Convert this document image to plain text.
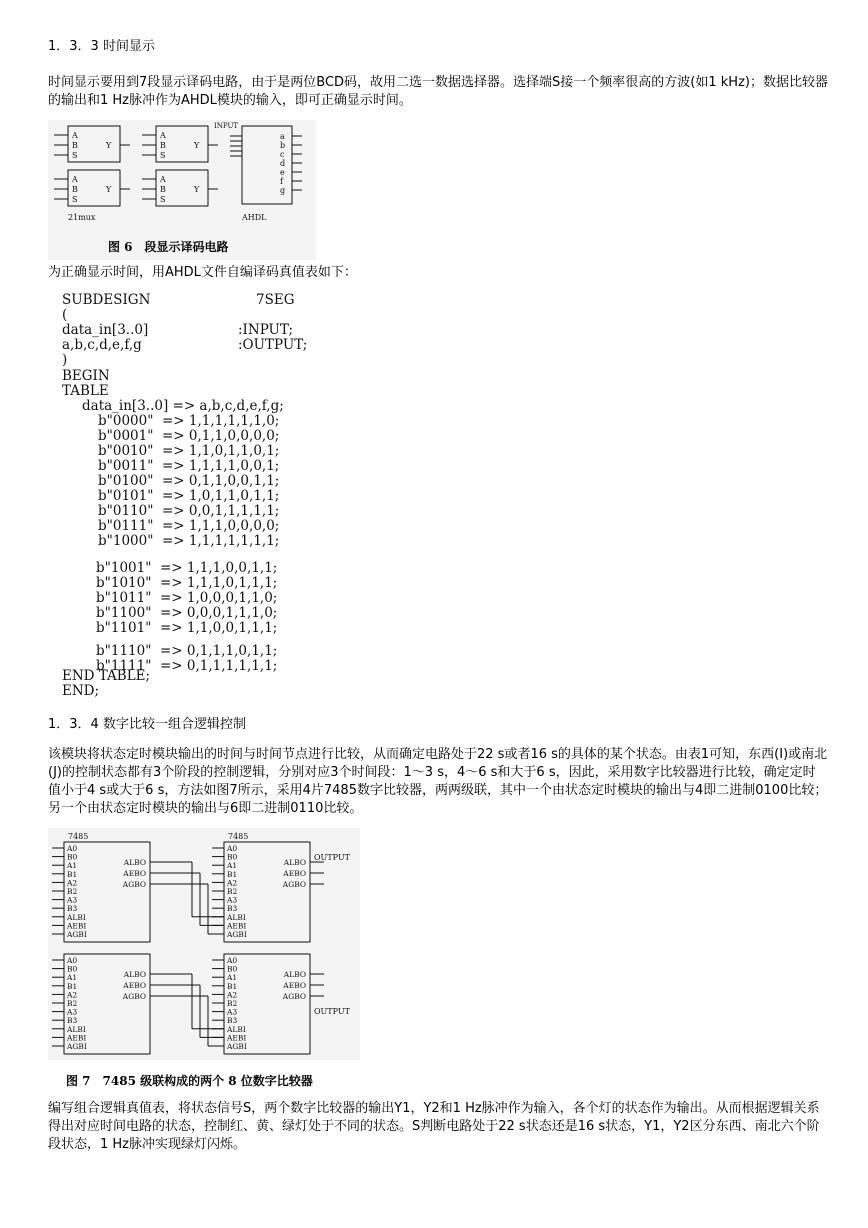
1．3．3 时间显示

时间显示要用到7段显示译码电路，由于是两位BCD码，故用二选一数据选择器。选择端S接一个频率很高的方波(如1 kHz)；数据比较器的输出和1 Hz脉冲作为AHDL模块的输入，即可正确显示时间。

A
B
S
Y
A
B
S
Y
A
B
S
Y
A
B
S
Y
21mux
INPUT
a
b
c
d
e
f
g
AHDL

图 6　段显示译码电路

为正确显示时间，用AHDL文件自编译码真值表如下：

SUBDESIGN	7SEG
(
data_in[3..0]	:INPUT;
a,b,c,d,e,f,g	:OUTPUT;
)
BEGIN
TABLE
data_in[3..0] => a,b,c,d,e,f,g;
b"0000"  => 1,1,1,1,1,1,0;
b"0001"  => 0,1,1,0,0,0,0;
b"0010"  => 1,1,0,1,1,0,1;
b"0011"  => 1,1,1,1,0,0,1;
b"0100"  => 0,1,1,0,0,1,1;
b"0101"  => 1,0,1,1,0,1,1;
b"0110"  => 0,0,1,1,1,1,1;
b"0111"  => 1,1,1,0,0,0,0;
b"1000"  => 1,1,1,1,1,1,1;
b"1001"  => 1,1,1,0,0,1,1;
b"1010"  => 1,1,1,0,1,1,1;
b"1011"  => 1,0,0,0,1,1,0;
b"1100"  => 0,0,0,1,1,1,0;
b"1101"  => 1,1,0,0,1,1,1;
b"1110"  => 0,1,1,1,0,1,1;
b"1111"  => 0,1,1,1,1,1,1;
END TABLE;
END;

1．3．4 数字比较一组合逻辑控制

该模块将状态定时模块输出的时间与时间节点进行比较，从而确定电路处于22 s或者16 s的具体的某个状态。由表1可知，东西(I)或南北(J)的控制状态都有3个阶段的控制逻辑，分别对应3个时间段：1～3 s，4～6 s和大于6 s，因此，采用数字比较器进行比较，确定定时值小于4 s或大于6 s，方法如图7所示，采用4片7485数字比较器，两两级联，其中一个由状态定时模块的输出与4即二进制0100比较；另一个由状态定时模块的输出与6即二进制0110比较。

7485
A0
B0
A1
B1
A2
B2
A3
B3
ALBI
AEBI
AGBI
ALBO
AEBO
AGBO
7485
A0
B0
A1
B1
A2
B2
A3
B3
ALBI
AEBI
AGBI
ALBO
AEBO
AGBO
A0
B0
A1
B1
A2
B2
A3
B3
ALBI
AEBI
AGBI
ALBO
AEBO
AGBO
A0
B0
A1
B1
A2
B2
A3
B3
ALBI
AEBI
AGBI
ALBO
AEBO
AGBO
OUTPUT
OUTPUT

图 7　7485 级联构成的两个 8 位数字比较器

编写组合逻辑真值表，将状态信号S，两个数字比较器的输出Y1，Y2和1 Hz脉冲作为输入，各个灯的状态作为输出。从而根据逻辑关系得出对应时间电路的状态，控制红、黄、绿灯处于不同的状态。S判断电路处于22 s状态还是16 s状态，Y1，Y2区分东西、南北六个阶段状态，1 Hz脉冲实现绿灯闪烁。
